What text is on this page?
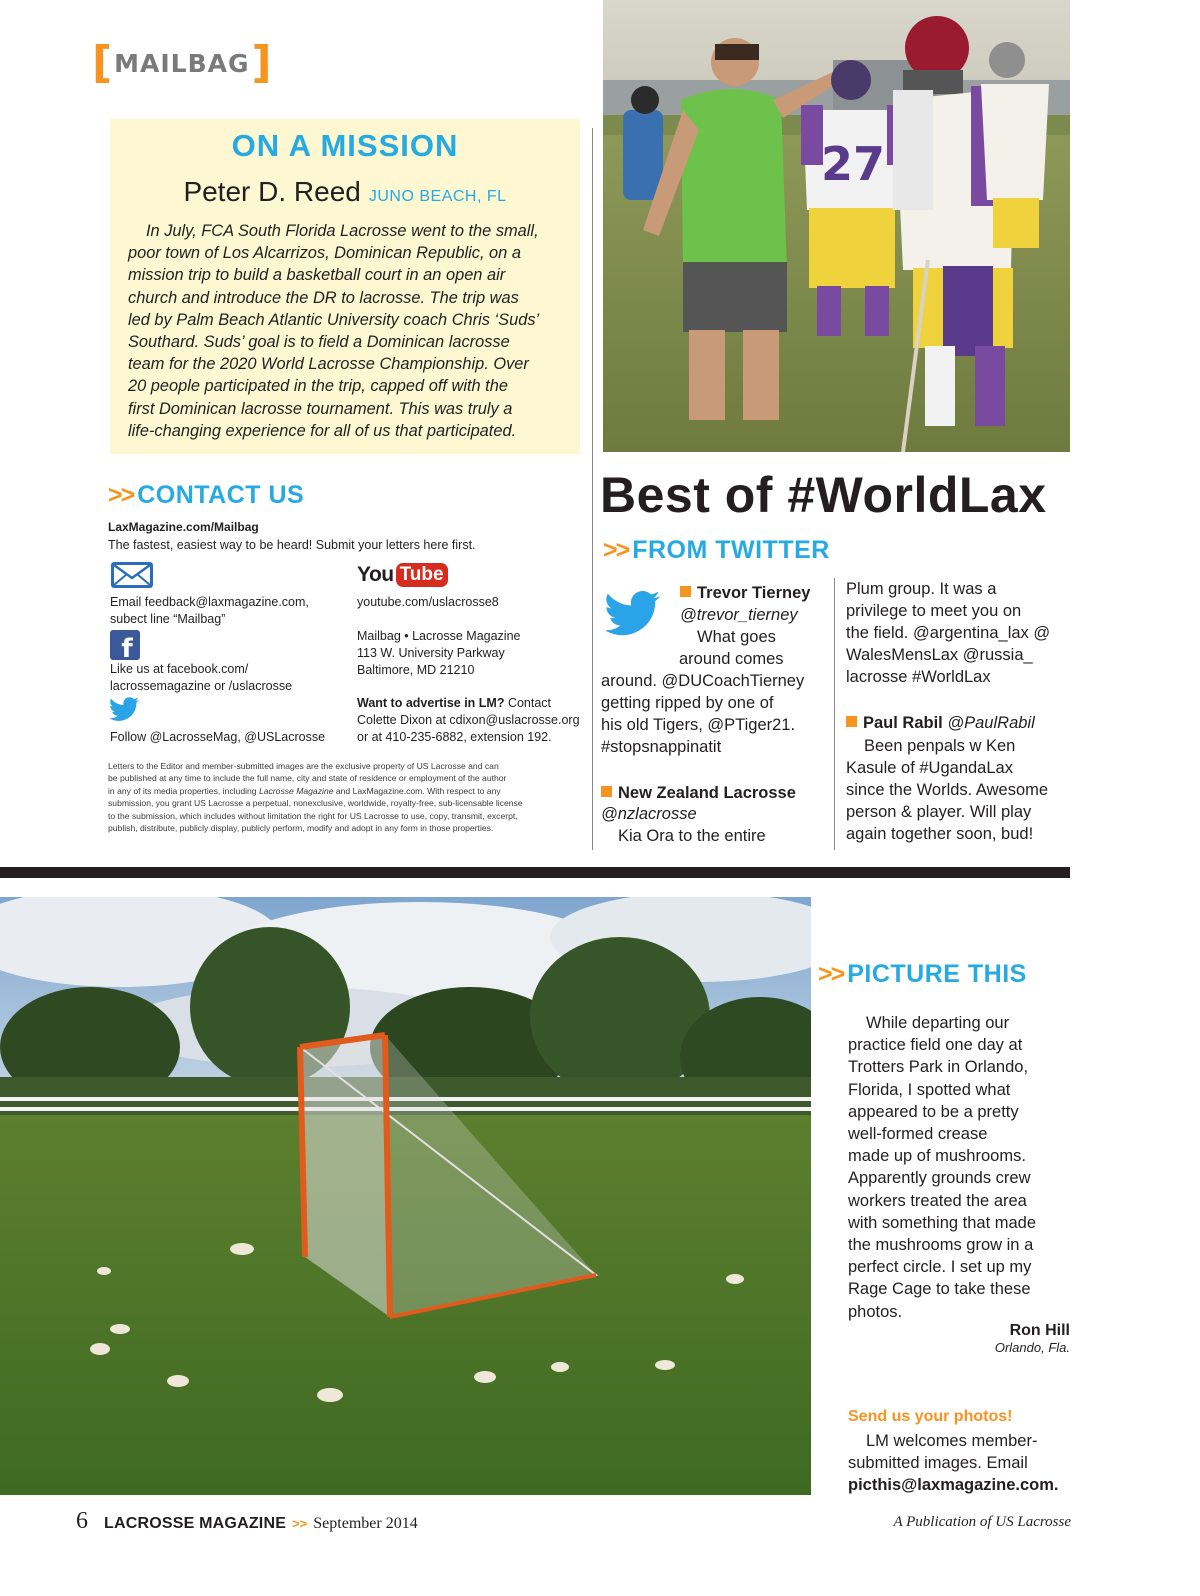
[ MAILBAG ]
ON A MISSION
Peter D. Reed JUNO BEACH, FL
In July, FCA South Florida Lacrosse went to the small,
poor town of Los Alcarrizos, Dominican Republic, on a
mission trip to build a basketball court in an open air
church and introduce the DR to lacrosse. The trip was
led by Palm Beach Atlantic University coach Chris ‘Suds’
Southard. Suds’ goal is to field a Dominican lacrosse
team for the 2020 World Lacrosse Championship. Over
20 people participated in the trip, capped off with the
first Dominican lacrosse tournament. This was truly a
life-changing experience for all of us that participated.
27
>> CONTACT US
LaxMagazine.com/Mailbag
The fastest, easiest way to be heard! Submit your letters here first.
Email feedback@laxmagazine.com,
subect line “Mailbag”
f
Like us at facebook.com/
lacrossemagazine or /uslacrosse
Follow @LacrosseMag, @USLacrosse
You Tube
youtube.com/uslacrosse8
Mailbag • Lacrosse Magazine
113 W. University Parkway
Baltimore, MD 21210
Want to advertise in LM? Contact
Colette Dixon at cdixon@uslacrosse.org
or at 410-235-6882, extension 192.
Letters to the Editor and member-submitted images are the exclusive property of US Lacrosse and can
be published at any time to include the full name, city and state of residence or employment of the author
in any of its media properties, including Lacrosse Magazine and LaxMagazine.com. With respect to any
submission, you grant US Lacrosse a perpetual, nonexclusive, worldwide, royalty-free, sub-licensable license
to the submission, which includes without limitation the right for US Lacrosse to use, copy, transmit, excerpt,
publish, distribute, publicly display, publicly perform, modify and adopt in any form in those properties.
Best of #WorldLax
>> FROM TWITTER
Trevor Tierney
@trevor_tierney
What goes
around comes
around. @DUCoachTierney
getting ripped by one of
his old Tigers, @PTiger21.
#stopsnappinatit
New Zealand Lacrosse
@nzlacrosse
Kia Ora to the entire
Plum group. It was a
privilege to meet you on
the field. @argentina_lax @
WalesMensLax @russia_
lacrosse #WorldLax
Paul Rabil @PaulRabil
Been penpals w Ken
Kasule of #UgandaLax
since the Worlds. Awesome
person & player. Will play
again together soon, bud!
>> PICTURE THIS
While departing our
practice field one day at
Trotters Park in Orlando,
Florida, I spotted what
appeared to be a pretty
well-formed crease
made up of mushrooms.
Apparently grounds crew
workers treated the area
with something that made
the mushrooms grow in a
perfect circle. I set up my
Rage Cage to take these
photos.
Ron Hill
Orlando, Fla.
Send us your photos!
LM welcomes member-
submitted images. Email
picthis@laxmagazine.com.
6 LACROSSE MAGAZINE >> September 2014	A Publication of US Lacrosse
